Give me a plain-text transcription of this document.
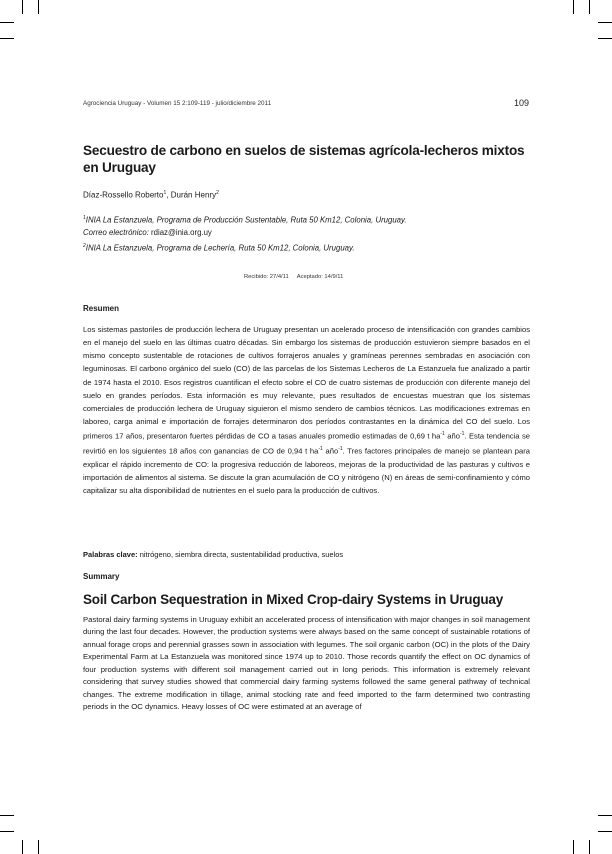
Agrociencia Uruguay - Volumen 15 2:109-119 - julio/diciembre 2011	109
Secuestro de carbono en suelos de sistemas agrícola-lecheros mixtos en Uruguay
Díaz-Rossello Roberto$^1$, Durán Henry$^2$
$^1$INIA La Estanzuela, Programa de Producción Sustentable, Ruta 50 Km12, Colonia, Uruguay.
Correo electrónico: rdiaz@inia.org.uy
$^2$INIA La Estanzuela, Programa de Lechería, Ruta 50 Km12, Colonia, Uruguay.
Recibido: 27/4/11 Aceptado: 14/9/11
Resumen

Los sistemas pastoriles de producción lechera de Uruguay presentan un acelerado proceso de intensificación con grandes cambios en el manejo del suelo en las últimas cuatro décadas. Sin embargo los sistemas de producción estuvieron siempre basados en el mismo concepto sustentable de rotaciones de cultivos forrajeros anuales y gramíneas perennes sembradas en asociación con leguminosas. El carbono orgánico del suelo (CO) de las parcelas de los Sistemas Lecheros de La Estanzuela fue analizado a partir de 1974 hasta el 2010. Esos registros cuantifican el efecto sobre el CO de cuatro sistemas de producción con diferente manejo del suelo en grandes períodos. Esta información es muy relevante, pues resultados de encuestas muestran que los sistemas comerciales de producción lechera de Uruguay siguieron el mismo sendero de cambios técnicos. Las modificaciones extremas en laboreo, carga animal e importación de forrajes determinaron dos períodos contrastantes en la dinámica del CO del suelo. Los primeros 17 años, presentaron fuertes pérdidas de CO a tasas anuales promedio estimadas de 0,69 t $ha^{-1}$ año$^{-1}$. Esta tendencia se revirtió en los siguientes 18 años con ganancias de CO de 0,94 t $ha^{-1}$ año$^{-1}$. Tres factores principales de manejo se plantean para explicar el rápido incremento de CO: la progresiva reducción de laboreos, mejoras de la productividad de las pasturas y cultivos e importación de alimentos al sistema. Se discute la gran acumulación de CO y nitrógeno (N) en áreas de semi-confinamiento y cómo capitalizar su alta disponibilidad de nutrientes en el suelo para la producción de cultivos.

Palabras clave: nitrógeno, siembra directa, sustentabilidad productiva, suelos
Summary
Soil Carbon Sequestration in Mixed Crop-dairy Systems in Uruguay

Pastoral dairy farming systems in Uruguay exhibit an accelerated process of intensification with major changes in soil management during the last four decades. However, the production systems were always based on the same concept of sustainable rotations of annual forage crops and perennial grasses sown in association with legumes. The soil organic carbon (OC) in the plots of the Dairy Experimental Farm at La Estanzuela was monitored since 1974 up to 2010. Those records quantify the effect on OC dynamics of four production systems with different soil management carried out in long periods. This information is extremely relevant considering that survey studies showed that commercial dairy farming systems followed the same general pathway of technical changes. The extreme modification in tillage, animal stocking rate and feed imported to the farm determined two contrasting periods in the OC dynamics. Heavy losses of OC were estimated at an average of
